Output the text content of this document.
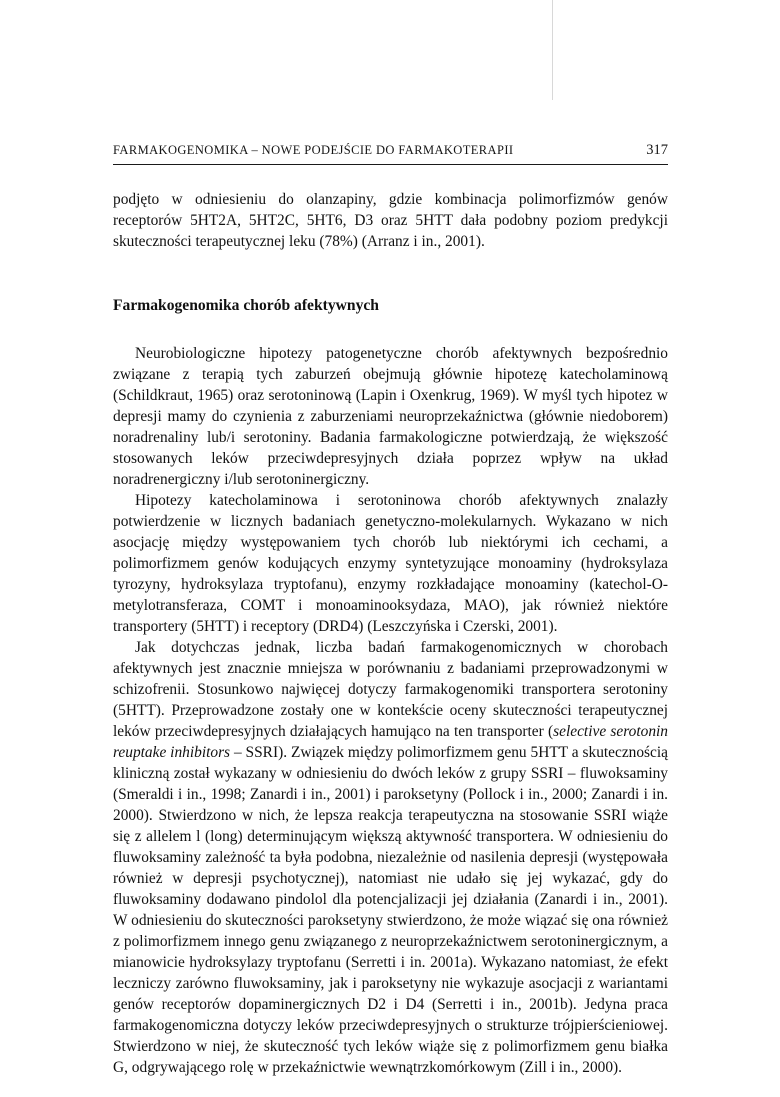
FARMAKOGENOMIKA – NOWE PODEJŚCIE DO FARMAKOTERAPII	317

podjęto w odniesieniu do olanzapiny, gdzie kombinacja polimorfizmów genów receptorów 5HT2A, 5HT2C, 5HT6, D3 oraz 5HTT dała podobny poziom predykcji skuteczności terapeutycznej leku (78%) (Arranz i in., 2001).

Farmakogenomika chorób afektywnych

Neurobiologiczne hipotezy patogenetyczne chorób afektywnych bezpośrednio związane z terapią tych zaburzeń obejmują głównie hipotezę katecholaminową (Schildkraut, 1965) oraz serotoninową (Lapin i Oxenkrug, 1969). W myśl tych hipotez w depresji mamy do czynienia z zaburzeniami neuroprzekaźnictwa (głównie niedoborem) noradrenaliny lub/i serotoniny. Badania farmakologiczne potwierdzają, że większość stosowanych leków przeciwdepresyjnych działa poprzez wpływ na układ noradrenergiczny i/lub serotoninergiczny.

Hipotezy katecholaminowa i serotoninowa chorób afektywnych znalazły potwierdzenie w licznych badaniach genetyczno-molekularnych. Wykazano w nich asocjację między występowaniem tych chorób lub niektórymi ich cechami, a polimorfizmem genów kodujących enzymy syntetyzujące monoaminy (hydroksylaza tyrozyny, hydroksylaza tryptofanu), enzymy rozkładające monoaminy (katechol-O-metylotransferaza, COMT i monoaminooksydaza, MAO), jak również niektóre transportery (5HTT) i receptory (DRD4) (Leszczyńska i Czerski, 2001).

Jak dotychczas jednak, liczba badań farmakogenomicznych w chorobach afektywnych jest znacznie mniejsza w porównaniu z badaniami przeprowadzonymi w schizofrenii. Stosunkowo najwięcej dotyczy farmakogenomiki transportera serotoniny (5HTT). Przeprowadzone zostały one w kontekście oceny skuteczności terapeutycznej leków przeciwdepresyjnych działających hamująco na ten transporter (selective serotonin reuptake inhibitors – SSRI). Związek między polimorfizmem genu 5HTT a skutecznością kliniczną został wykazany w odniesieniu do dwóch leków z grupy SSRI – fluwoksaminy (Smeraldi i in., 1998; Zanardi i in., 2001) i paroksetyny (Pollock i in., 2000; Zanardi i in. 2000). Stwierdzono w nich, że lepsza reakcja terapeutyczna na stosowanie SSRI wiąże się z allelem l (long) determinującym większą aktywność transportera. W odniesieniu do fluwoksaminy zależność ta była podobna, niezależnie od nasilenia depresji (występowała również w depresji psychotycznej), natomiast nie udało się jej wykazać, gdy do fluwoksaminy dodawano pindolol dla potencjalizacji jej działania (Zanardi i in., 2001). W odniesieniu do skuteczności paroksetyny stwierdzono, że może wiązać się ona również z polimorfizmem innego genu związanego z neuroprzekaźnictwem serotoninergicznym, a mianowicie hydroksylazy tryptofanu (Serretti i in. 2001a). Wykazano natomiast, że efekt leczniczy zarówno fluwoksaminy, jak i paroksetyny nie wykazuje asocjacji z wariantami genów receptorów dopaminergicznych D2 i D4 (Serretti i in., 2001b). Jedyna praca farmakogenomiczna dotyczy leków przeciwdepresyjnych o strukturze trójpierścieniowej. Stwierdzono w niej, że skuteczność tych leków wiąże się z polimorfizmem genu białka G, odgrywającego rolę w przekaźnictwie wewnątrzkomórkowym (Zill i in., 2000).
